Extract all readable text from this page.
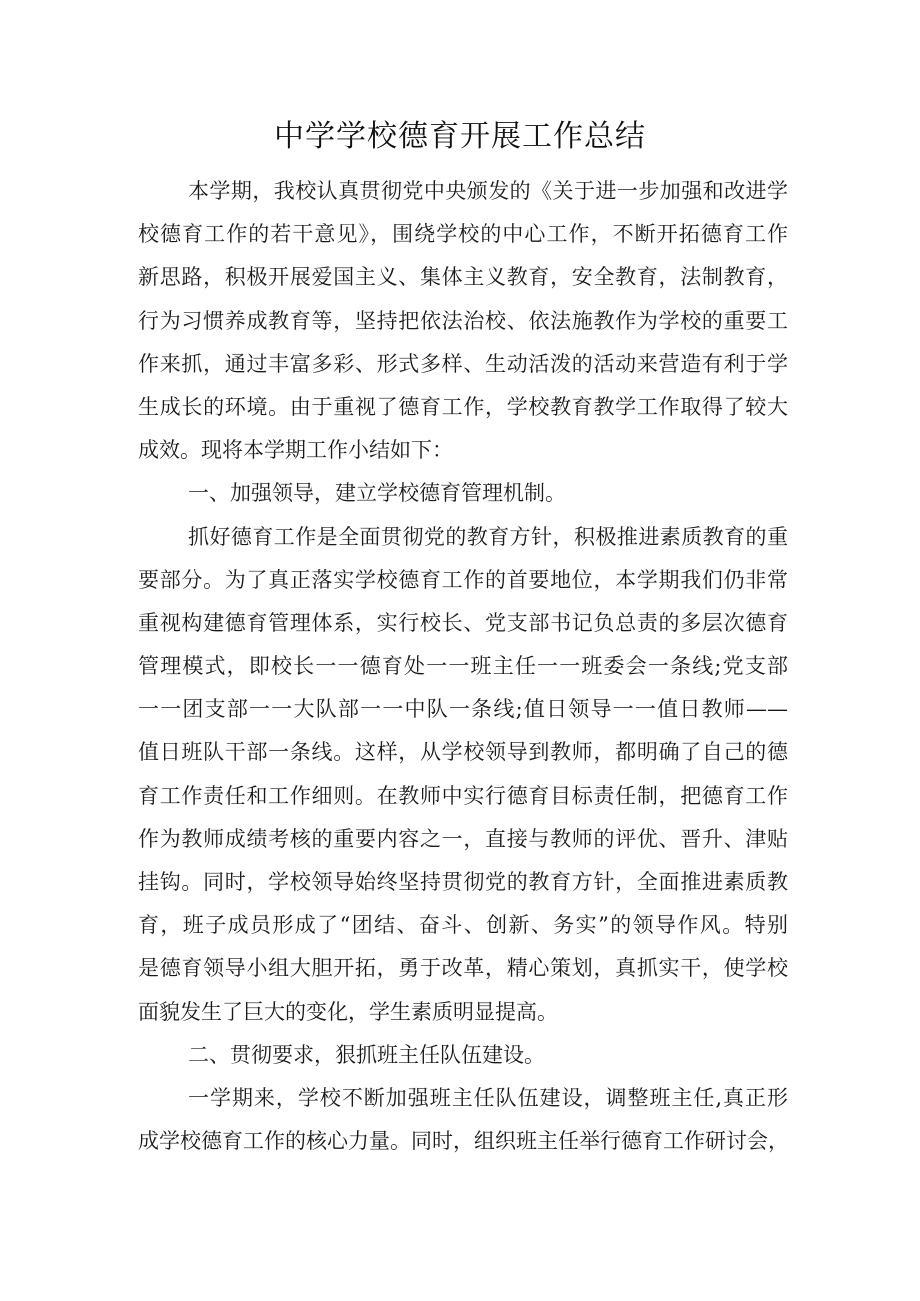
中学学校德育开展工作总结
本学期，我校认真贯彻党中央颁发的《关于进一步加强和改进学
校德育工作的若干意见》，围绕学校的中心工作，不断开拓德育工作
新思路，积极开展爱国主义、集体主义教育，安全教育，法制教育，
行为习惯养成教育等，坚持把依法治校、依法施教作为学校的重要工
作来抓，通过丰富多彩、形式多样、生动活泼的活动来营造有利于学
生成长的环境。由于重视了德育工作，学校教育教学工作取得了较大
成效。现将本学期工作小结如下：
一、加强领导，建立学校德育管理机制。
抓好德育工作是全面贯彻党的教育方针，积极推进素质教育的重
要部分。为了真正落实学校德育工作的首要地位，本学期我们仍非常
重视构建德育管理体系，实行校长、党支部书记负总责的多层次德育
管理模式，即校长一一德育处一一班主任一一班委会一条线;党支部
一一团支部一一大队部一一中队一条线;值日领导一一值日教师——
值日班队干部一条线。这样，从学校领导到教师，都明确了自己的德
育工作责任和工作细则。在教师中实行德育目标责任制，把德育工作
作为教师成绩考核的重要内容之一，直接与教师的评优、晋升、津贴
挂钩。同时，学校领导始终坚持贯彻党的教育方针，全面推进素质教
育，班子成员形成了“团结、奋斗、创新、务实”的领导作风。特别
是德育领导小组大胆开拓，勇于改革，精心策划，真抓实干，使学校
面貌发生了巨大的变化，学生素质明显提高。
二、贯彻要求，狠抓班主任队伍建设。
一学期来，学校不断加强班主任队伍建设，调整班主任,真正形
成学校德育工作的核心力量。同时，组织班主任举行德育工作研讨会，
